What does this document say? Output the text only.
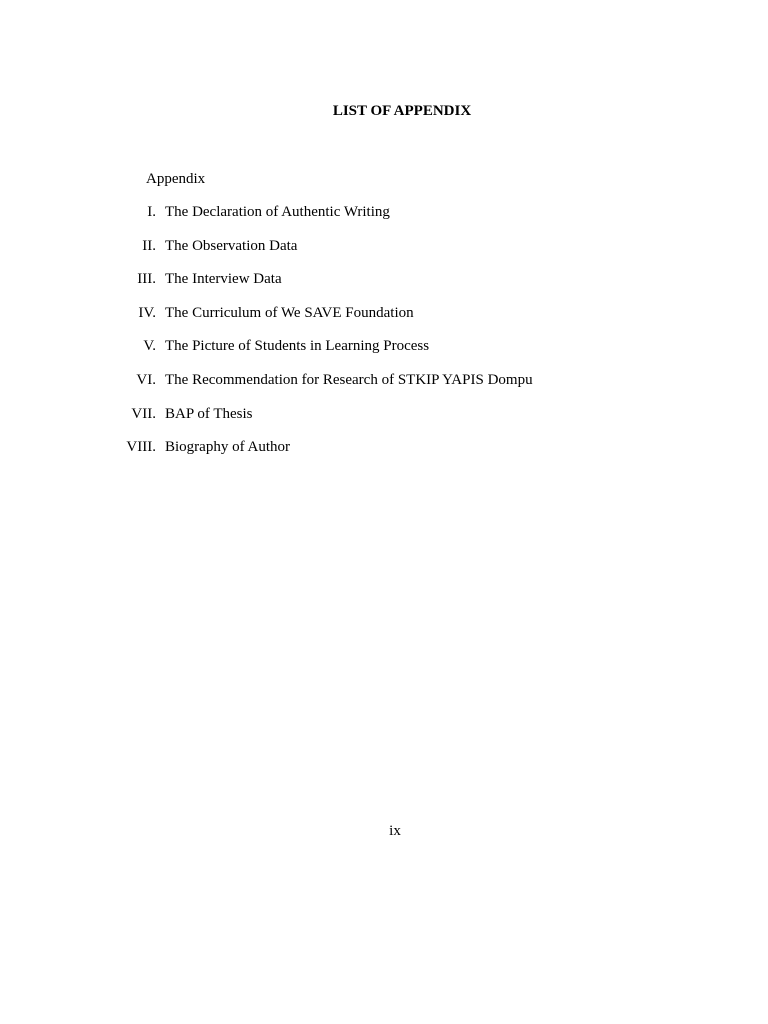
LIST OF APPENDIX

Appendix

I. The Declaration of Authentic Writing
II. The Observation Data
III. The Interview Data
IV. The Curriculum of We SAVE Foundation
V. The Picture of Students in Learning Process
VI. The Recommendation for Research of STKIP YAPIS Dompu
VII. BAP of Thesis
VIII. Biography of Author

ix
